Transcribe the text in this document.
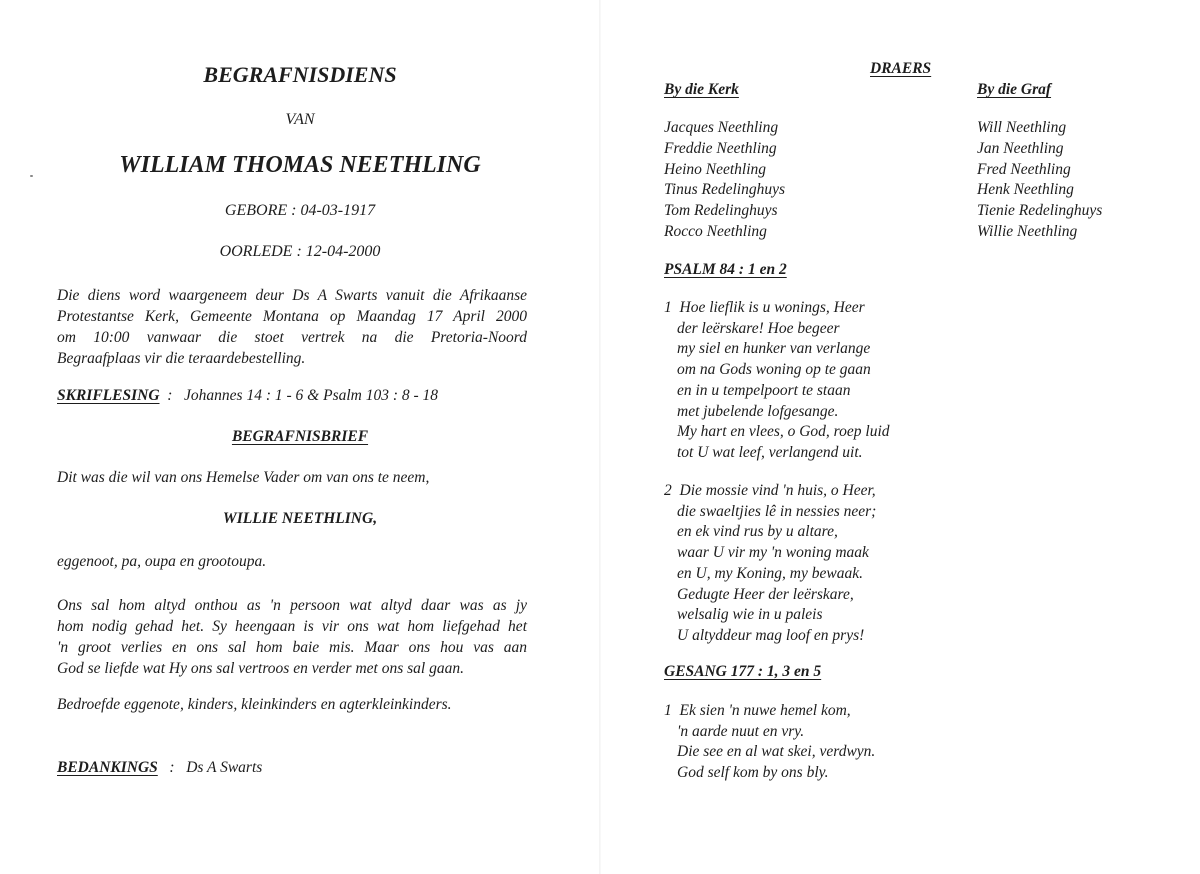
BEGRAFNISDIENS
VAN
WILLIAM THOMAS NEETHLING
GEBORE : 04-03-1917
OORLEDE : 12-04-2000
Die diens word waargeneem deur Ds A Swarts vanuit die Afrikaanse
Protestantse Kerk, Gemeente Montana op Maandag 17 April 2000
om 10:00 vanwaar die stoet vertrek na die Pretoria-Noord
Begraafplaas vir die teraardebestelling.
SKRIFLESING  :   Johannes 14 : 1 - 6 & Psalm 103 : 8 - 18
BEGRAFNISBRIEF
Dit was die wil van ons Hemelse Vader om van ons te neem,
WILLIE NEETHLING,
eggenoot, pa, oupa en grootoupa.
Ons sal hom altyd onthou as 'n persoon wat altyd daar was as jy
hom nodig gehad het. Sy heengaan is vir ons wat hom liefgehad het
'n groot verlies en ons sal hom baie mis. Maar ons hou vas aan
God se liefde wat Hy ons sal vertroos en verder met ons sal gaan.
Bedroefde eggenote, kinders, kleinkinders en agterkleinkinders.
BEDANKINGS   :   Ds A Swarts
DRAERS
By die Kerk	By die Graf
Jacques Neethling
Freddie Neethling
Heino Neethling
Tinus Redelinghuys
Tom Redelinghuys
Rocco Neethling
Will Neethling
Jan Neethling
Fred Neethling
Henk Neethling
Tienie Redelinghuys
Willie Neethling
PSALM 84 : 1 en 2
1  Hoe lieflik is u wonings, Heer
der leërskare! Hoe begeer
my siel en hunker van verlange
om na Gods woning op te gaan
en in u tempelpoort te staan
met jubelende lofgesange.
My hart en vlees, o God, roep luid
tot U wat leef, verlangend uit.
2  Die mossie vind 'n huis, o Heer,
die swaeltjies lê in nessies neer;
en ek vind rus by u altare,
waar U vir my 'n woning maak
en U, my Koning, my bewaak.
Gedugte Heer der leërskare,
welsalig wie in u paleis
U altyddeur mag loof en prys!
GESANG 177 : 1, 3 en 5
1  Ek sien 'n nuwe hemel kom,
'n aarde nuut en vry.
Die see en al wat skei, verdwyn.
God self kom by ons bly.
